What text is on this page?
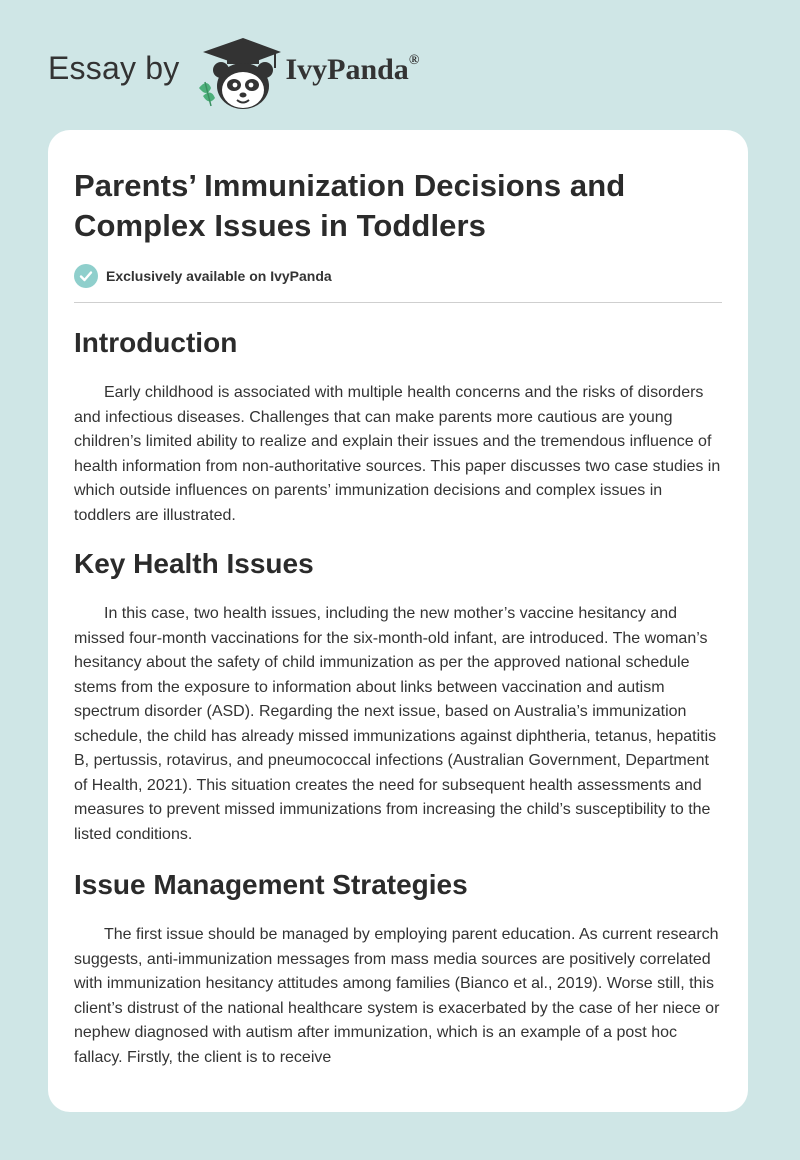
Essay by	IvyPanda®
Parents’ Immunization Decisions and Complex Issues in Toddlers
Exclusively available on IvyPanda
Introduction

Early childhood is associated with multiple health concerns and the risks of disorders and infectious diseases. Challenges that can make parents more cautious are young children’s limited ability to realize and explain their issues and the tremendous influence of health information from non-authoritative sources. This paper discusses two case studies in which outside influences on parents’ immunization decisions and complex issues in toddlers are illustrated.

Key Health Issues

In this case, two health issues, including the new mother’s vaccine hesitancy and missed four-month vaccinations for the six-month-old infant, are introduced. The woman’s hesitancy about the safety of child immunization as per the approved national schedule stems from the exposure to information about links between vaccination and autism spectrum disorder (ASD). Regarding the next issue, based on Australia’s immunization schedule, the child has already missed immunizations against diphtheria, tetanus, hepatitis B, pertussis, rotavirus, and pneumococcal infections (Australian Government, Department of Health, 2021). This situation creates the need for subsequent health assessments and measures to prevent missed immunizations from increasing the child’s susceptibility to the listed conditions.

Issue Management Strategies

The first issue should be managed by employing parent education. As current research suggests, anti-immunization messages from mass media sources are positively correlated with immunization hesitancy attitudes among families (Bianco et al., 2019). Worse still, this client’s distrust of the national healthcare system is exacerbated by the case of her niece or nephew diagnosed with autism after immunization, which is an example of a post hoc fallacy. Firstly, the client is to receive
